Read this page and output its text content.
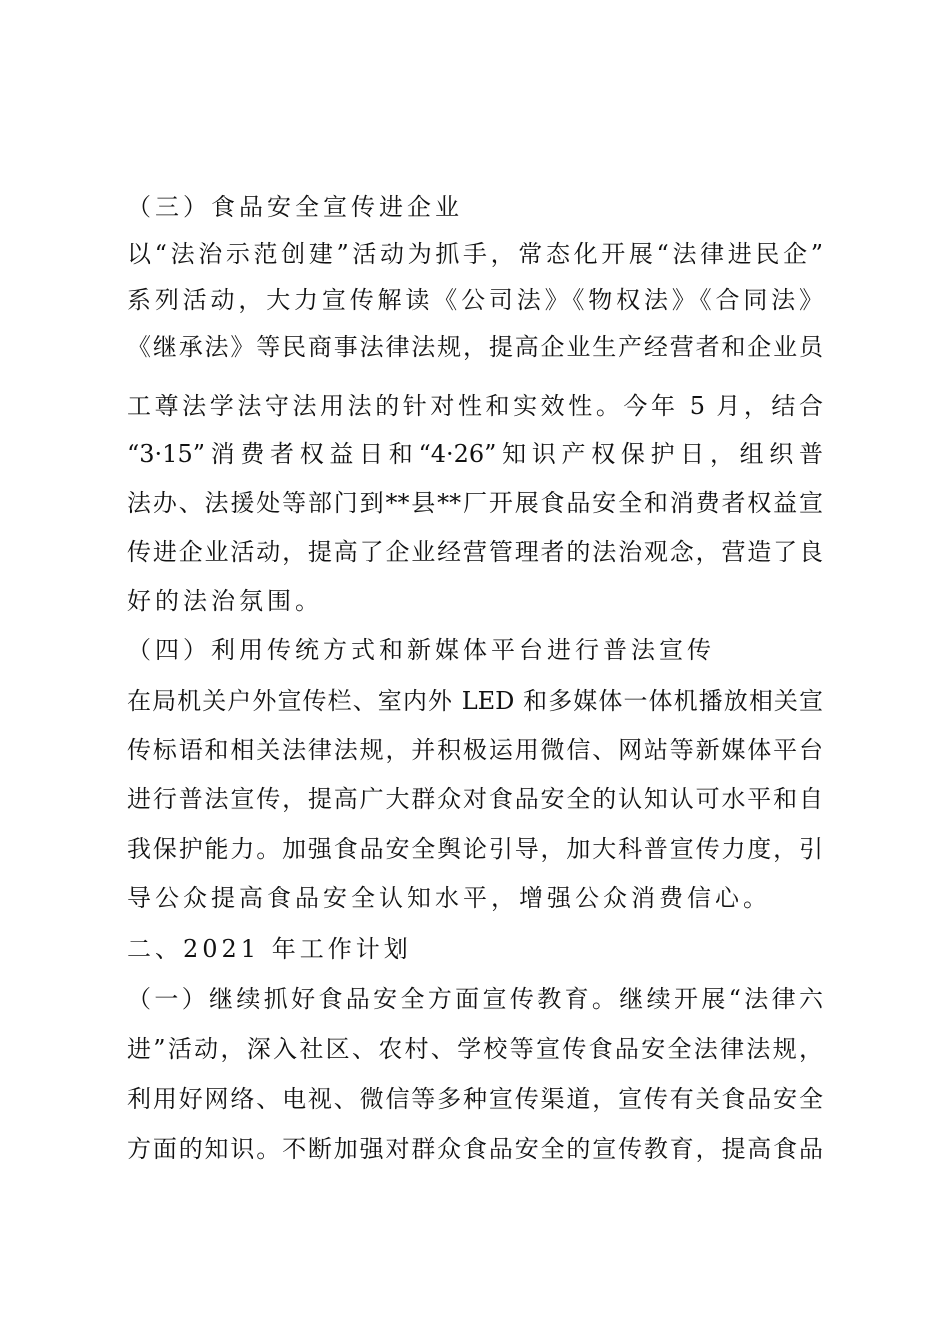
（三）食品安全宣传进企业
以“法治示范创建”活动为抓手，常态化开展“法律进民企”
系列活动，大力宣传解读《公司法》《物权法》《合同法》
《继承法》等民商事法律法规，提高企业生产经营者和企业员
工尊法学法守法用法的针对性和实效性。今年 5 月，结合
“3·15”消费者权益日和“4·26”知识产权保护日，组织普
法办、法援处等部门到**县**厂开展食品安全和消费者权益宣
传进企业活动，提高了企业经营管理者的法治观念，营造了良
好的法治氛围。
（四）利用传统方式和新媒体平台进行普法宣传
在局机关户外宣传栏、室内外 LED 和多媒体一体机播放相关宣
传标语和相关法律法规，并积极运用微信、网站等新媒体平台
进行普法宣传，提高广大群众对食品安全的认知认可水平和自
我保护能力。加强食品安全舆论引导，加大科普宣传力度，引
导公众提高食品安全认知水平，增强公众消费信心。
二、2021 年工作计划
（一）继续抓好食品安全方面宣传教育。继续开展“法律六
进”活动，深入社区、农村、学校等宣传食品安全法律法规，
利用好网络、电视、微信等多种宣传渠道，宣传有关食品安全
方面的知识。不断加强对群众食品安全的宣传教育，提高食品
